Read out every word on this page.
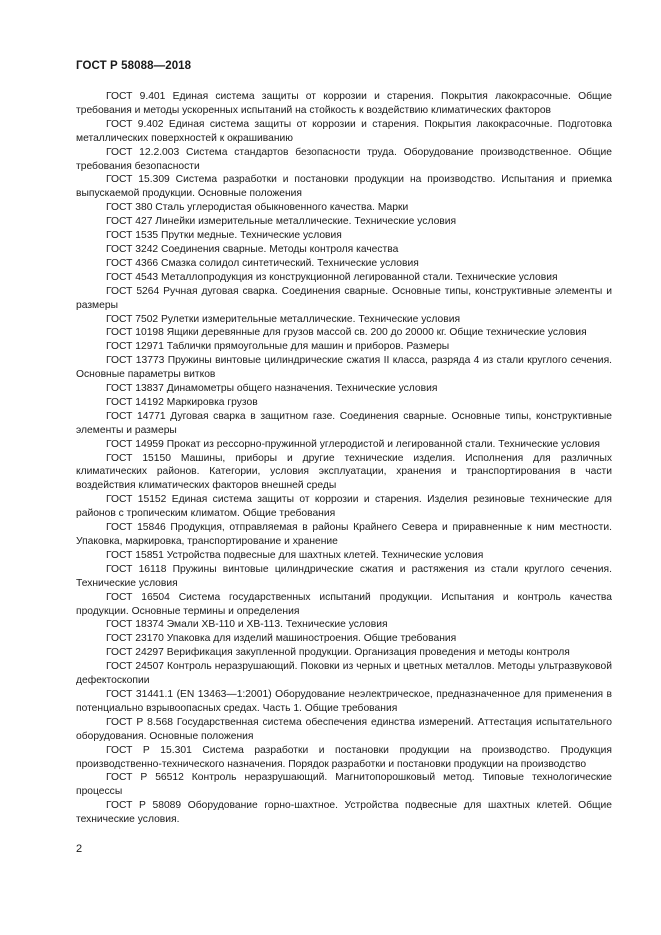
ГОСТ Р 58088—2018

ГОСТ 9.401 Единая система защиты от коррозии и старения. Покрытия лакокрасочные. Общие требования и методы ускоренных испытаний на стойкость к воздействию климатических факторов

ГОСТ 9.402 Единая система защиты от коррозии и старения. Покрытия лакокрасочные. Подготовка металлических поверхностей к окрашиванию

ГОСТ 12.2.003 Система стандартов безопасности труда. Оборудование производственное. Общие требования безопасности

ГОСТ 15.309 Система разработки и постановки продукции на производство. Испытания и приемка выпускаемой продукции. Основные положения

ГОСТ 380 Сталь углеродистая обыкновенного качества. Марки

ГОСТ 427 Линейки измерительные металлические. Технические условия

ГОСТ 1535 Прутки медные. Технические условия

ГОСТ 3242 Соединения сварные. Методы контроля качества

ГОСТ 4366 Смазка солидол синтетический. Технические условия

ГОСТ 4543 Металлопродукция из конструкционной легированной стали. Технические условия

ГОСТ 5264 Ручная дуговая сварка. Соединения сварные. Основные типы, конструктивные элементы и размеры

ГОСТ 7502 Рулетки измерительные металлические. Технические условия

ГОСТ 10198 Ящики деревянные для грузов массой св. 200 до 20000 кг. Общие технические условия

ГОСТ 12971 Таблички прямоугольные для машин и приборов. Размеры

ГОСТ 13773 Пружины винтовые цилиндрические сжатия II класса, разряда 4 из стали круглого сечения. Основные параметры витков

ГОСТ 13837 Динамометры общего назначения. Технические условия

ГОСТ 14192 Маркировка грузов

ГОСТ 14771 Дуговая сварка в защитном газе. Соединения сварные. Основные типы, конструктивные элементы и размеры

ГОСТ 14959 Прокат из рессорно-пружинной углеродистой и легированной стали. Технические условия

ГОСТ 15150 Машины, приборы и другие технические изделия. Исполнения для различных климатических районов. Категории, условия эксплуатации, хранения и транспортирования в части воздействия климатических факторов внешней среды

ГОСТ 15152 Единая система защиты от коррозии и старения. Изделия резиновые технические для районов с тропическим климатом. Общие требования

ГОСТ 15846 Продукция, отправляемая в районы Крайнего Севера и приравненные к ним местности. Упаковка, маркировка, транспортирование и хранение

ГОСТ 15851 Устройства подвесные для шахтных клетей. Технические условия

ГОСТ 16118 Пружины винтовые цилиндрические сжатия и растяжения из стали круглого сечения. Технические условия

ГОСТ 16504 Система государственных испытаний продукции. Испытания и контроль качества продукции. Основные термины и определения

ГОСТ 18374 Эмали ХВ-110 и ХВ-113. Технические условия

ГОСТ 23170 Упаковка для изделий машиностроения. Общие требования

ГОСТ 24297 Верификация закупленной продукции. Организация проведения и методы контроля

ГОСТ 24507 Контроль неразрушающий. Поковки из черных и цветных металлов. Методы ультразвуковой дефектоскопии

ГОСТ 31441.1 (EN 13463—1:2001) Оборудование неэлектрическое, предназначенное для применения в потенциально взрывоопасных средах. Часть 1. Общие требования

ГОСТ Р 8.568 Государственная система обеспечения единства измерений. Аттестация испытательного оборудования. Основные положения

ГОСТ Р 15.301 Система разработки и постановки продукции на производство. Продукция производственно-технического назначения. Порядок разработки и постановки продукции на производство

ГОСТ Р 56512 Контроль неразрушающий. Магнитопорошковый метод. Типовые технологические процессы

ГОСТ Р 58089 Оборудование горно-шахтное. Устройства подвесные для шахтных клетей. Общие технические условия.

2
